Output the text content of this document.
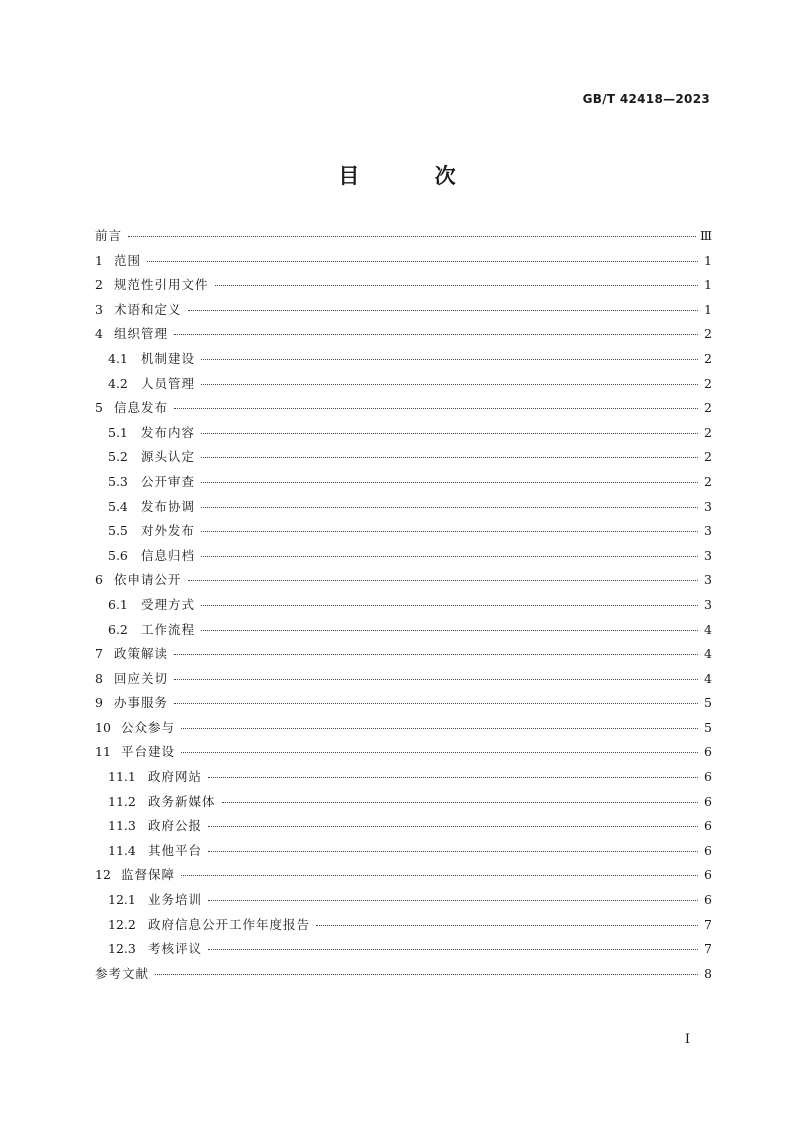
GB/T 42418—2023
目 次
前言	Ⅲ
1 范围	1
2 规范性引用文件	1
3 术语和定义	1
4 组织管理	2
4.1	机制建设	2
4.2	人员管理	2
5 信息发布	2
5.1	发布内容	2
5.2	源头认定	2
5.3	公开审查	2
5.4	发布协调	3
5.5	对外发布	3
5.6	信息归档	3
6 依申请公开	3
6.1	受理方式	3
6.2	工作流程	4
7 政策解读	4
8 回应关切	4
9 办事服务	5
10 公众参与	5
11 平台建设	6
11.1 政府网站	6
11.2 政务新媒体	6
11.3 政府公报	6
11.4 其他平台	6
12 监督保障	6
12.1 业务培训	6
12.2 政府信息公开工作年度报告	7
12.3 考核评议	7
参考文献	8
I
